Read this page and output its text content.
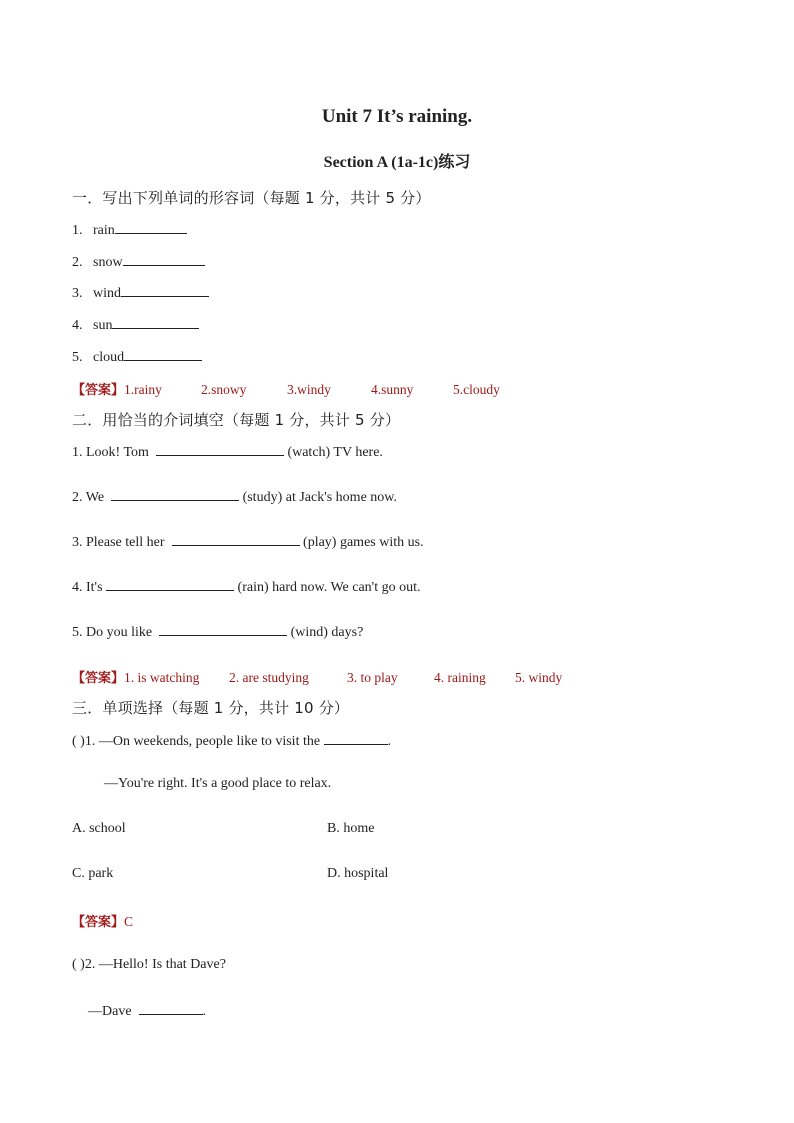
Unit 7 It’s raining.
Section A (1a-1c)练习
一．写出下列单词的形容词（每题 1 分，共计 5 分）
1. rain
2. snow
3. wind
4. sun
5. cloud
【答案】1.rainy	2.snowy	3.windy	4.sunny	5.cloudy
二．用恰当的介词填空（每题 1 分，共计 5 分）
1. Look! Tom	(watch) TV here.
2. We	(study) at Jack's home now.
3. Please tell her	(play) games with us.
4. It's	(rain) hard now. We can't go out.
5. Do you like	(wind) days?
【答案】1. is watching 2. are studying	3. to play	4. raining 5. windy
三．单项选择（每题 1 分，共计 10 分）
( )1. —On weekends, people like to visit the	.
—You're right. It's a good place to relax.
A. school	B. home
C. park	D. hospital
【答案】C
( )2. —Hello! Is that Dave?
—Dave	.
